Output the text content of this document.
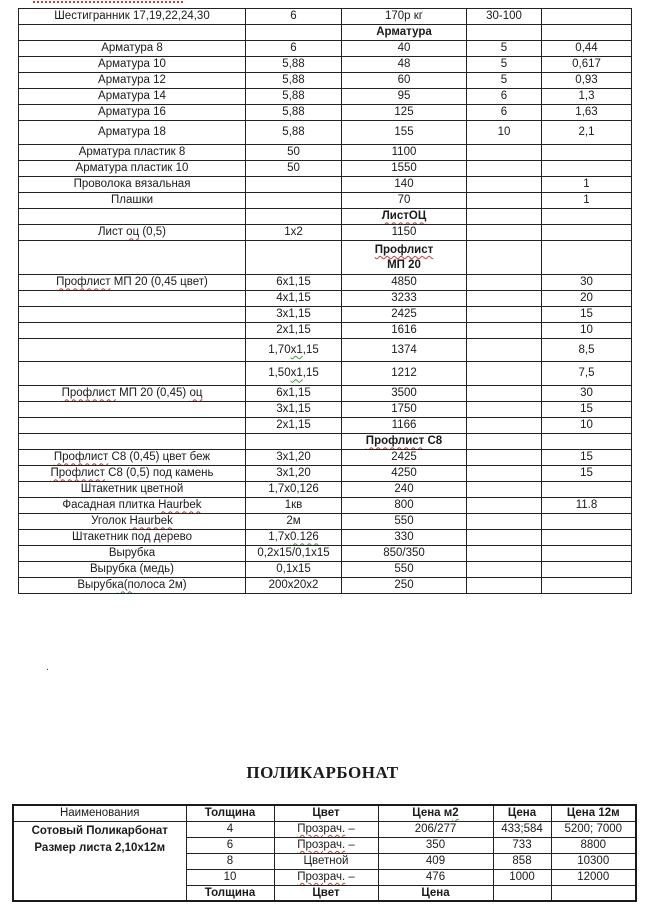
Шестигранник 17,19,22,24,30	6	170р кг	30-100	
		Арматура		
Арматура 8	6	40	5	0,44
Арматура 10	5,88	48	5	0,617
Арматура 12	5,88	60	5	0,93
Арматура 14	5,88	95	6	1,3
Арматура 16	5,88	125	6	1,63
Арматура 18	5,88	155	10	2,1
Арматура пластик 8	50	1100		
Арматура пластик 10	50	1550		
Проволока вязальная		140		1
Плашки		70		1
		ЛистОЦ		
Лист оц (0,5)	1х2	1150		
		Профлист
МП 20		
Профлист МП 20 (0,45 цвет)	6х1,15	4850		30
	4х1,15	3233		20
	3х1,15	2425		15
	2х1,15	1616		10
	1,70х1,15	1374		8,5
	1,50х1,15	1212		7,5
Профлист МП 20 (0,45) оц	6х1,15	3500		30
	3х1,15	1750		15
	2х1,15	1166		10
		Профлист С8		
Профлист С8 (0,45) цвет беж	3х1,20	2425		15
Профлист С8 (0,5) под камень	3х1,20	4250		15
Штакетник цветной	1,7х0,126	240		
Фасадная плитка Haurbek	1кв	800		11.8
Уголок Haurbek	2м	550		
Штакетник под дерево	1,7х0.126	330		
Вырубка	0,2х15/0,1х15	850/350		
Вырубка (медь)	0,1х15	550		
Вырубка(полоса 2м)	200х20х2	250		
.
ПОЛИКАРБОНАТ
Наименования	Толщина	Цвет	Цена м2	Цена	Цена 12м
Сотовый Поликарбонат
Размер листа 2,10х12м	4	Прозрач. –	206/277	433;584	5200; 7000
	6	Прозрач. –	350	733	8800
	8	Цветной	409	858	10300
	10	Прозрач. –	476	1000	12000
	Толщина	Цвет	Цена		
